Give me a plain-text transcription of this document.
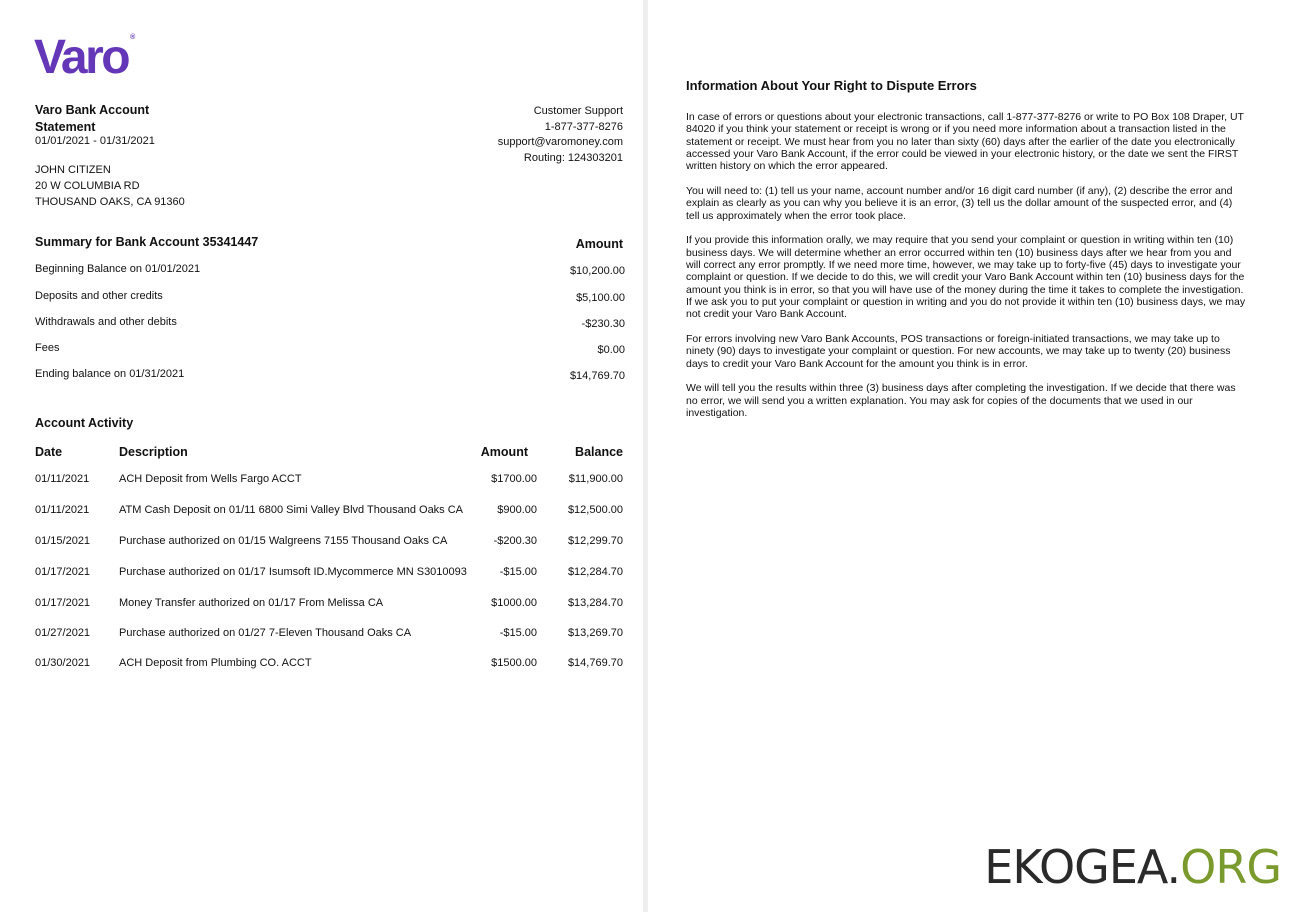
Varo ®
Varo Bank Account
Statement
01/01/2021 - 01/31/2021
JOHN CITIZEN
20 W COLUMBIA RD
THOUSAND OAKS, CA 91360
Customer Support
1-877-377-8276
support@varomoney.com
Routing: 124303201
Summary for Bank Account 35341447	Amount
Beginning Balance on 01/01/2021	$10,200.00
Deposits and other credits	$5,100.00
Withdrawals and other debits	-$230.30
Fees	$0.00
Ending balance on 01/31/2021	$14,769.70
Account Activity
Date	Description	Amount	Balance
01/11/2021	ACH Deposit from Wells Fargo ACCT	$1700.00	$11,900.00
01/11/2021	ATM Cash Deposit on 01/11 6800 Simi Valley Blvd Thousand Oaks CA	$900.00	$12,500.00
01/15/2021	Purchase authorized on 01/15 Walgreens 7155 Thousand Oaks CA	-$200.30	$12,299.70
01/17/2021	Purchase authorized on 01/17 Isumsoft ID.Mycommerce MN S3010093	-$15.00	$12,284.70
01/17/2021	Money Transfer authorized on 01/17 From Melissa CA	$1000.00	$13,284.70
01/27/2021	Purchase authorized on 01/27 7-Eleven Thousand Oaks CA	-$15.00	$13,269.70
01/30/2021	ACH Deposit from Plumbing CO. ACCT	$1500.00	$14,769.70
Information About Your Right to Dispute Errors

In case of errors or questions about your electronic transactions, call 1-877-377-8276 or write to PO Box 108 Draper, UT 84020 if you think your statement or receipt is wrong or if you need more information about a transaction listed in the statement or receipt. We must hear from you no later than sixty (60) days after the earlier of the date you electronically accessed your Varo Bank Account, if the error could be viewed in your electronic history, or the date we sent the FIRST written history on which the error appeared.

You will need to: (1) tell us your name, account number and/or 16 digit card number (if any), (2) describe the error and explain as clearly as you can why you believe it is an error, (3) tell us the dollar amount of the suspected error, and (4) tell us approximately when the error took place.

If you provide this information orally, we may require that you send your complaint or question in writing within ten (10) business days. We will determine whether an error occurred within ten (10) business days after we hear from you and will correct any error promptly. If we need more time, however, we may take up to forty-five (45) days to investigate your complaint or question. If we decide to do this, we will credit your Varo Bank Account within ten (10) business days for the amount you think is in error, so that you will have use of the money during the time it takes to complete the investigation. If we ask you to put your complaint or question in writing and you do not provide it within ten (10) business days, we may not credit your Varo Bank Account.

For errors involving new Varo Bank Accounts, POS transactions or foreign-initiated transactions, we may take up to ninety (90) days to investigate your complaint or question. For new accounts, we may take up to twenty (20) business days to credit your Varo Bank Account for the amount you think is in error.

We will tell you the results within three (3) business days after completing the investigation. If we decide that there was no error, we will send you a written explanation. You may ask for copies of the documents that we used in our investigation.

EKOGEA.ORG
